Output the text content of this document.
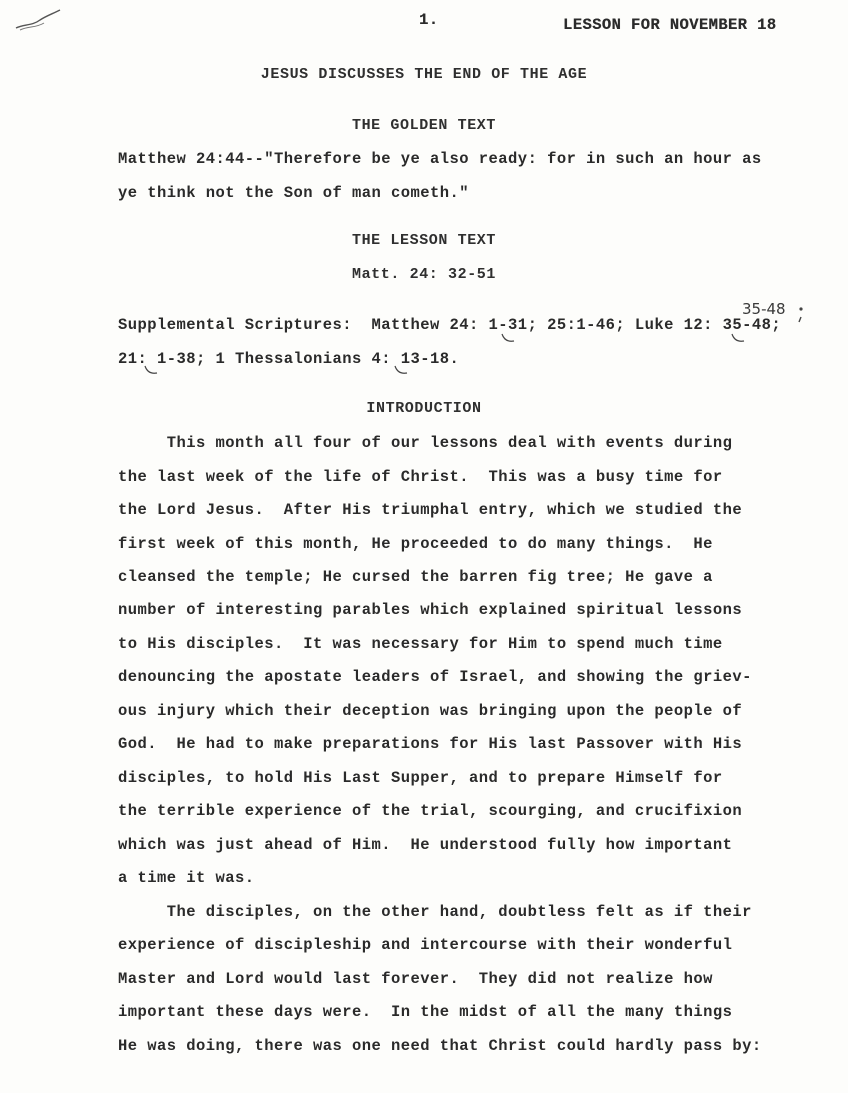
1.	LESSON FOR NOVEMBER 18
JESUS DISCUSSES THE END OF THE AGE
THE GOLDEN TEXT
Matthew 24:44--"Therefore be ye also ready: for in such an hour as
ye think not the Son of man cometh."
THE LESSON TEXT
Matt. 24: 32-51
35-48
Supplemental Scriptures:  Matthew 24: 1-31; 25:1-46; Luke 12: 35-48;
21: 1-38; 1 Thessalonians 4: 13-18.
INTRODUCTION
This month all four of our lessons deal with events during
the last week of the life of Christ.  This was a busy time for
the Lord Jesus.  After His triumphal entry, which we studied the
first week of this month, He proceeded to do many things.  He
cleansed the temple; He cursed the barren fig tree; He gave a
number of interesting parables which explained spiritual lessons
to His disciples.  It was necessary for Him to spend much time
denouncing the apostate leaders of Israel, and showing the griev-
ous injury which their deception was bringing upon the people of
God.  He had to make preparations for His last Passover with His
disciples, to hold His Last Supper, and to prepare Himself for
the terrible experience of the trial, scourging, and crucifixion
which was just ahead of Him.  He understood fully how important
a time it was.
The disciples, on the other hand, doubtless felt as if their
experience of discipleship and intercourse with their wonderful
Master and Lord would last forever.  They did not realize how
important these days were.  In the midst of all the many things
He was doing, there was one need that Christ could hardly pass by:
